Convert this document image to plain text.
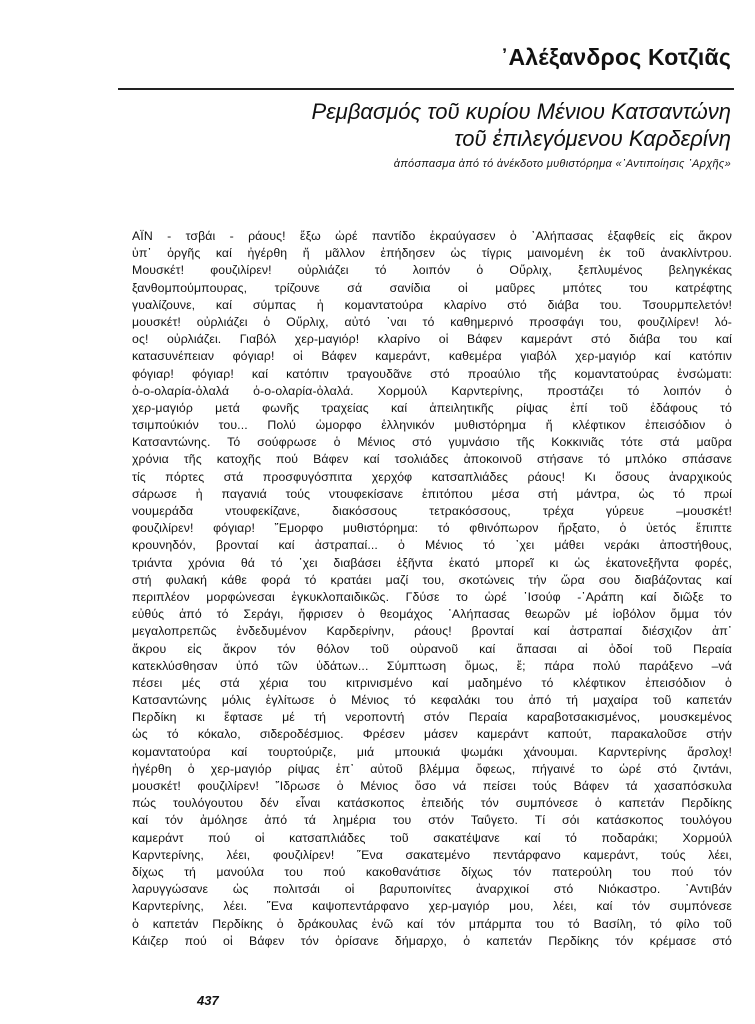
᾿Αλέξανδρος Κοτζιᾶς
Ρεμβασμός τοῦ κυρίου Μένιου Κατσαντώνη
τοῦ ἐπιλεγόμενου Καρδερίνη
ἀπόσπασμα ἀπό τό ἀνέκδοτο μυθιστόρημα «᾿Αντιποίησις ᾿Αρχῆς»
ΑΪΝ - τσβάι - ράους! ἔξω ὡρέ παντίδο ἐκραύγασεν ὁ ᾿Αλήπασας ἐξαφθείς εἰς ἄκρον
ὑπ᾿ ὀργῆς καί ἠγέρθη ἤ μᾶλλον ἐπήδησεν ὡς τίγρις μαινομένη ἐκ τοῦ ἀνακλίντρου.
Μουσκέτ! φουζιλίρεν! οὐρλιάζει τό λοιπόν ὁ Οὔρλιχ, ξεπλυμένος βεληγκέκας
ξανθομπούμπουρας, τρίζουνε σά σανίδια οἱ μαῦρες μπότες του κατρέφτης
γυαλίζουνε, καί σύμπας ἡ κομαντατούρα κλαρίνο στό διάβα του. Τσουρμπελετόν!
μουσκέτ! οὐρλιάζει ὁ Οὔρλιχ, αὐτό ᾿ναι τό καθημερινό προσφάγι του, φουζιλίρεν! λό-
ος! οὐρλιάζει. Γιαβόλ χερ-μαγιόρ! κλαρίνο οἱ Βάφεν καμεράντ στό διάβα του καί
κατασυνέπειαν φόγιαρ! οἱ Βάφεν καμεράντ, καθεμέρα γιαβόλ χερ-μαγιόρ καί κατόπιν
φόγιαρ! φόγιαρ! καί κατόπιν τραγουδᾶνε στό προαύλιο τῆς κομαντατούρας ἐνσώματι:
ὀ-ο-ολαρία-ὀλαλά ὀ-ο-ολαρία-ὀλαλά. Χορμούλ Καρντερίνης, προστάζει τό λοιπόν ὁ
χερ-μαγιόρ μετά φωνῆς τραχείας καί ἀπειλητικῆς ρίψας ἐπί τοῦ ἐδάφους τό
τσιμπούκιόν του... Πολύ ὡμορφο ἑλληνικόν μυθιστόρημα ἤ κλέφτικον ἐπεισόδιον ὁ
Κατσαντώνης. Τό σούφρωσε ὁ Μένιος στό γυμνάσιο τῆς Κοκκινιᾶς τότε στά μαῦρα
χρόνια τῆς κατοχῆς πού Βάφεν καί τσολιάδες ἀποκοινοῦ στήσανε τό μπλόκο σπάσανε
τίς πόρτες στά προσφυγόσπιτα χερχόφ κατσαπλιάδες ράους! Κι ὅσους ἀναρχικούς
σάρωσε ἡ παγανιά τούς ντουφεκίσανε ἐπιτόπου μέσα στή μάντρα, ὡς τό πρωί
νουμεράδα ντουφεκίζανε, διακόσσους τετρακόσσους, τρέχα γύρευε –μουσκέτ!
φουζιλίρεν! φόγιαρ! ῞Εμορφο μυθιστόρημα: τό φθινόπωρον ἤρξατο, ὁ ὑετός ἔπιπτε
κρουνηδόν, βρονταί καί ἀστραπαί... ὁ Μένιος τό ᾿χει μάθει νεράκι ἀποστήθους,
τριάντα χρόνια θά τό ᾿χει διαβάσει ἑξῆντα ἑκατό μπορεῖ κι ὡς ἑκατονεξῆντα φορές,
στή φυλακή κάθε φορά τό κρατάει μαζί του, σκοτώνεις τήν ὥρα σου διαβάζοντας καί
περιπλέον μορφώνεσαι ἐγκυκλοπαιδικῶς. Γδύσε το ὡρέ ᾿Ισούφ -᾿Αράπη καί διῶξε το
εὐθύς ἀπό τό Σεράγι, ἤφρισεν ὁ θεομάχος ᾿Αλήπασας θεωρῶν μέ ἰοβόλον ὄμμα τόν
μεγαλοπρεπῶς ἐνδεδυμένον Καρδερίνην, ράους! βρονταί καί ἀστραπαί διέσχιζον ἀπ᾿
ἄκρου εἰς ἄκρον τόν θόλον τοῦ οὐρανοῦ καί ἅπασαι αἱ ὁδοί τοῦ Περαία
κατεκλύσθησαν ὑπό τῶν ὑδάτων... Σύμπτωση ὅμως, ἔ; πάρα πολύ παράξενο –νά
πέσει μές στά χέρια του κιτρινισμένο καί μαδημένο τό κλέφτικον ἐπεισόδιον ὁ
Κατσαντώνης μόλις ἐγλίτωσε ὁ Μένιος τό κεφαλάκι του ἀπό τή μαχαίρα τοῦ καπετάν
Περδίκη κι ἔφτασε μέ τή νεροποντή στόν Περαία καραβοτσακισμένος, μουσκεμένος
ὡς τό κόκαλο, σιδεροδέσμιος. Φρέσεν μάσεν καμεράντ καπούτ, παρακαλοῦσε στήν
κομαντατούρα καί τουρτούριζε, μιά μπουκιά ψωμάκι χάνουμαι. Καρντερίνης ἄρσλοχ!
ἠγέρθη ὁ χερ-μαγιόρ ρίψας ἐπ᾿ αὐτοῦ βλέμμα ὄφεως, πήγαινέ το ὡρέ στό ζιντάνι,
μουσκέτ! φουζιλίρεν! ῞Ιδρωσε ὁ Μένιος ὅσο νά πείσει τούς Βάφεν τά χασαπόσκυλα
πώς τουλόγουτου δέν εἶναι κατάσκοπος ἐπειδής τόν συμπόνεσε ὁ καπετάν Περδίκης
καί τόν ἀμόλησε ἀπό τά λημέρια του στόν Ταΰγετο. Τί σόι κατάσκοπος τουλόγου
καμεράντ πού οἱ κατσαπλιάδες τοῦ σακατέψανε καί τό ποδαράκι; Χορμούλ
Καρντερίνης, λέει, φουζιλίρεν! ῞Ενα σακατεμένο πεντάρφανο καμεράντ, τούς λέει,
δίχως τή μανούλα του πού κακοθανάτισε δίχως τόν πατερούλη του πού τόν
λαρυγγώσανε ὡς πολιτσάι οἱ βαρυποινίτες ἀναρχικοί στό Νιόκαστρο. ᾿Αντιβάν
Καρντερίνης, λέει. ῞Ενα καψοπεντάρφανο χερ-μαγιόρ μου, λέει, καί τόν συμπόνεσε
ὁ καπετάν Περδίκης ὁ δράκουλας ἐνῶ καί τόν μπάρμπα του τό Βασίλη, τό φίλο τοῦ
Κάιζερ πού οἱ Βάφεν τόν ὁρίσανε δήμαρχο, ὁ καπετάν Περδίκης τόν κρέμασε στό
437
